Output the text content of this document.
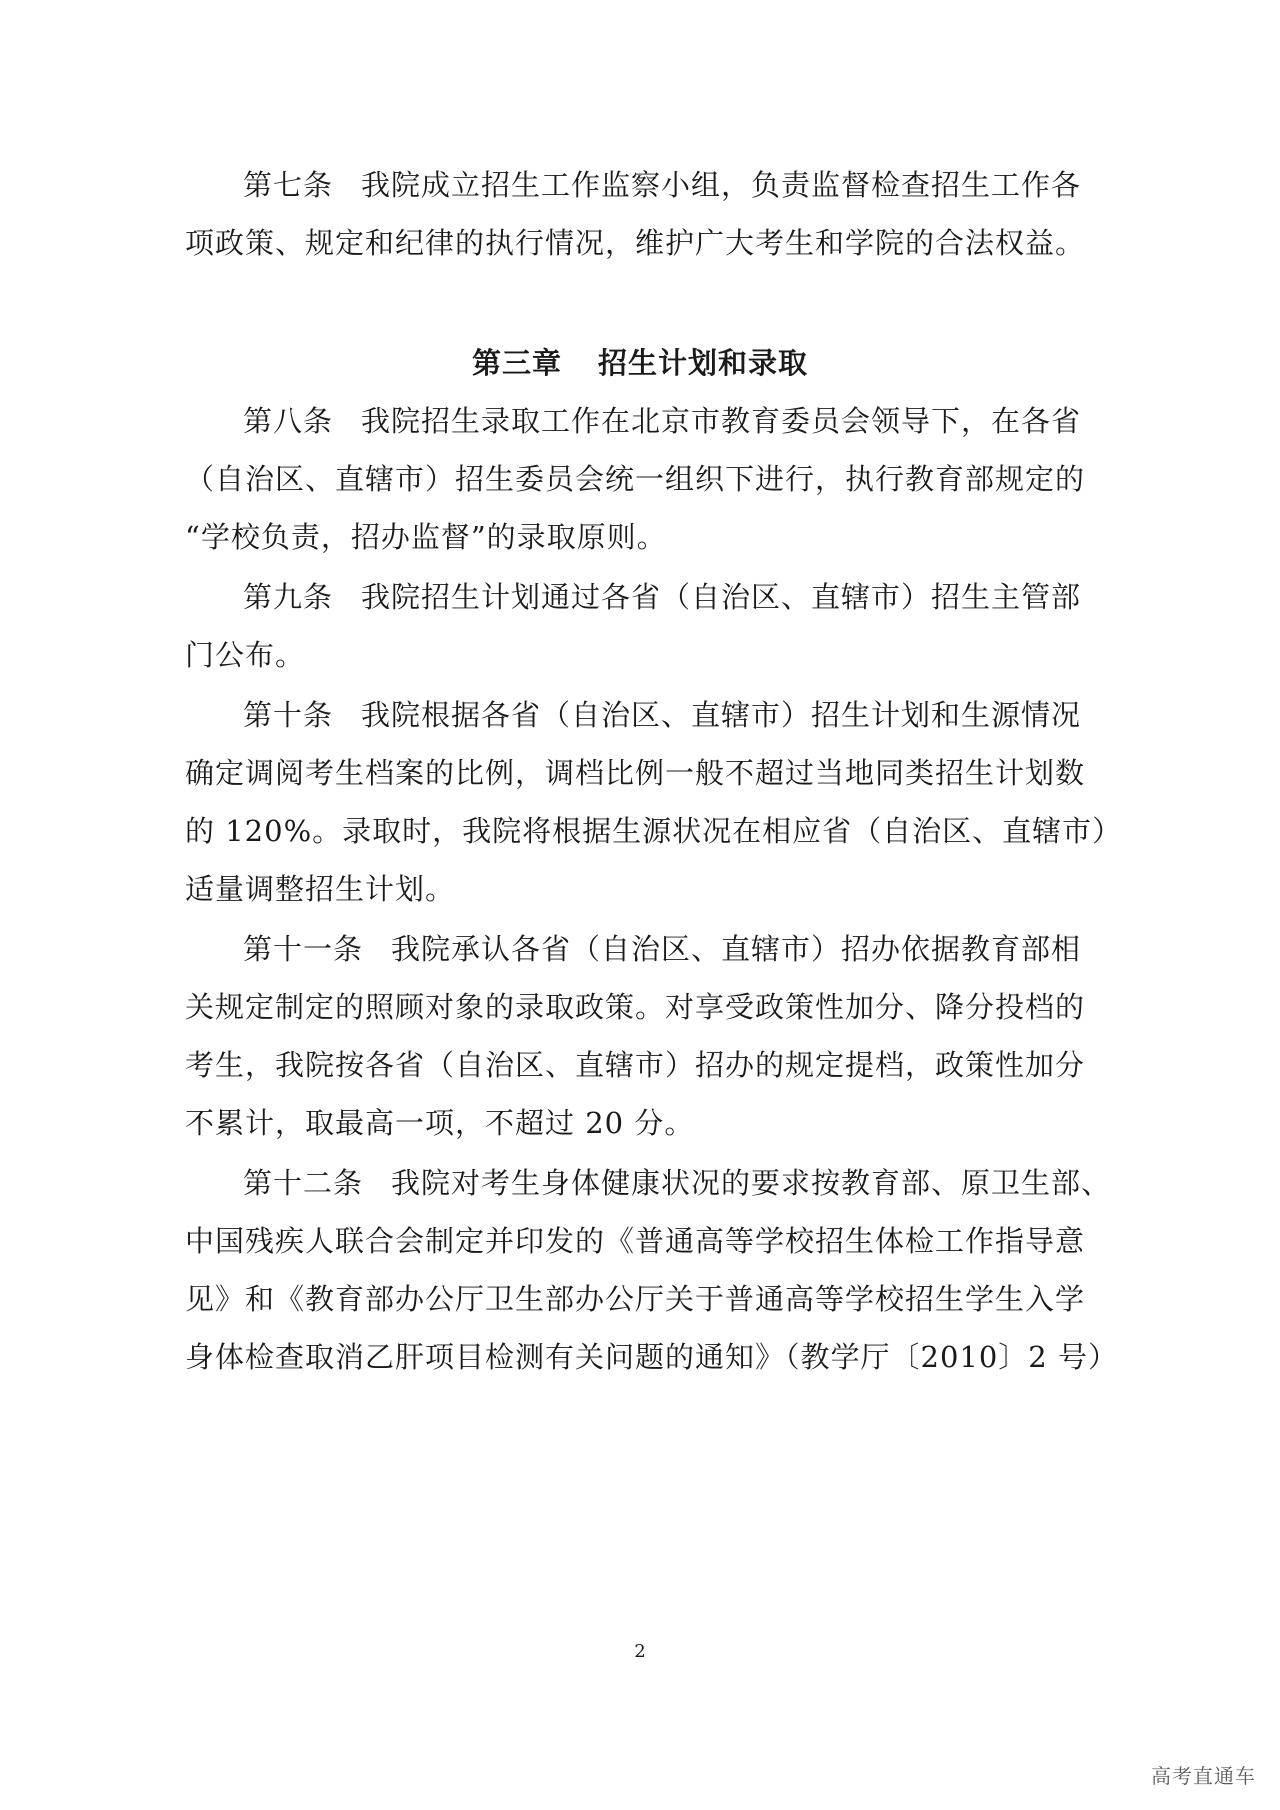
第七条 我院成立招生工作监察小组，负责监督检查招生工作各
项政策、规定和纪律的执行情况，维护广大考生和学院的合法权益。
第三章 招生计划和录取
第八条 我院招生录取工作在北京市教育委员会领导下，在各省
（自治区、直辖市）招生委员会统一组织下进行，执行教育部规定的
“学校负责，招办监督”的录取原则。
第九条 我院招生计划通过各省（自治区、直辖市）招生主管部
门公布。
第十条 我院根据各省（自治区、直辖市）招生计划和生源情况
确定调阅考生档案的比例，调档比例一般不超过当地同类招生计划数
的 120%。录取时，我院将根据生源状况在相应省（自治区、直辖市）
适量调整招生计划。
第十一条 我院承认各省（自治区、直辖市）招办依据教育部相
关规定制定的照顾对象的录取政策。对享受政策性加分、降分投档的
考生，我院按各省（自治区、直辖市）招办的规定提档，政策性加分
不累计，取最高一项，不超过 20 分。
第十二条 我院对考生身体健康状况的要求按教育部、原卫生部、
中国残疾人联合会制定并印发的《普通高等学校招生体检工作指导意
见》和《教育部办公厅卫生部办公厅关于普通高等学校招生学生入学
身体检查取消乙肝项目检测有关问题的通知》（教学厅〔2010〕2 号）
2
高考直通车
